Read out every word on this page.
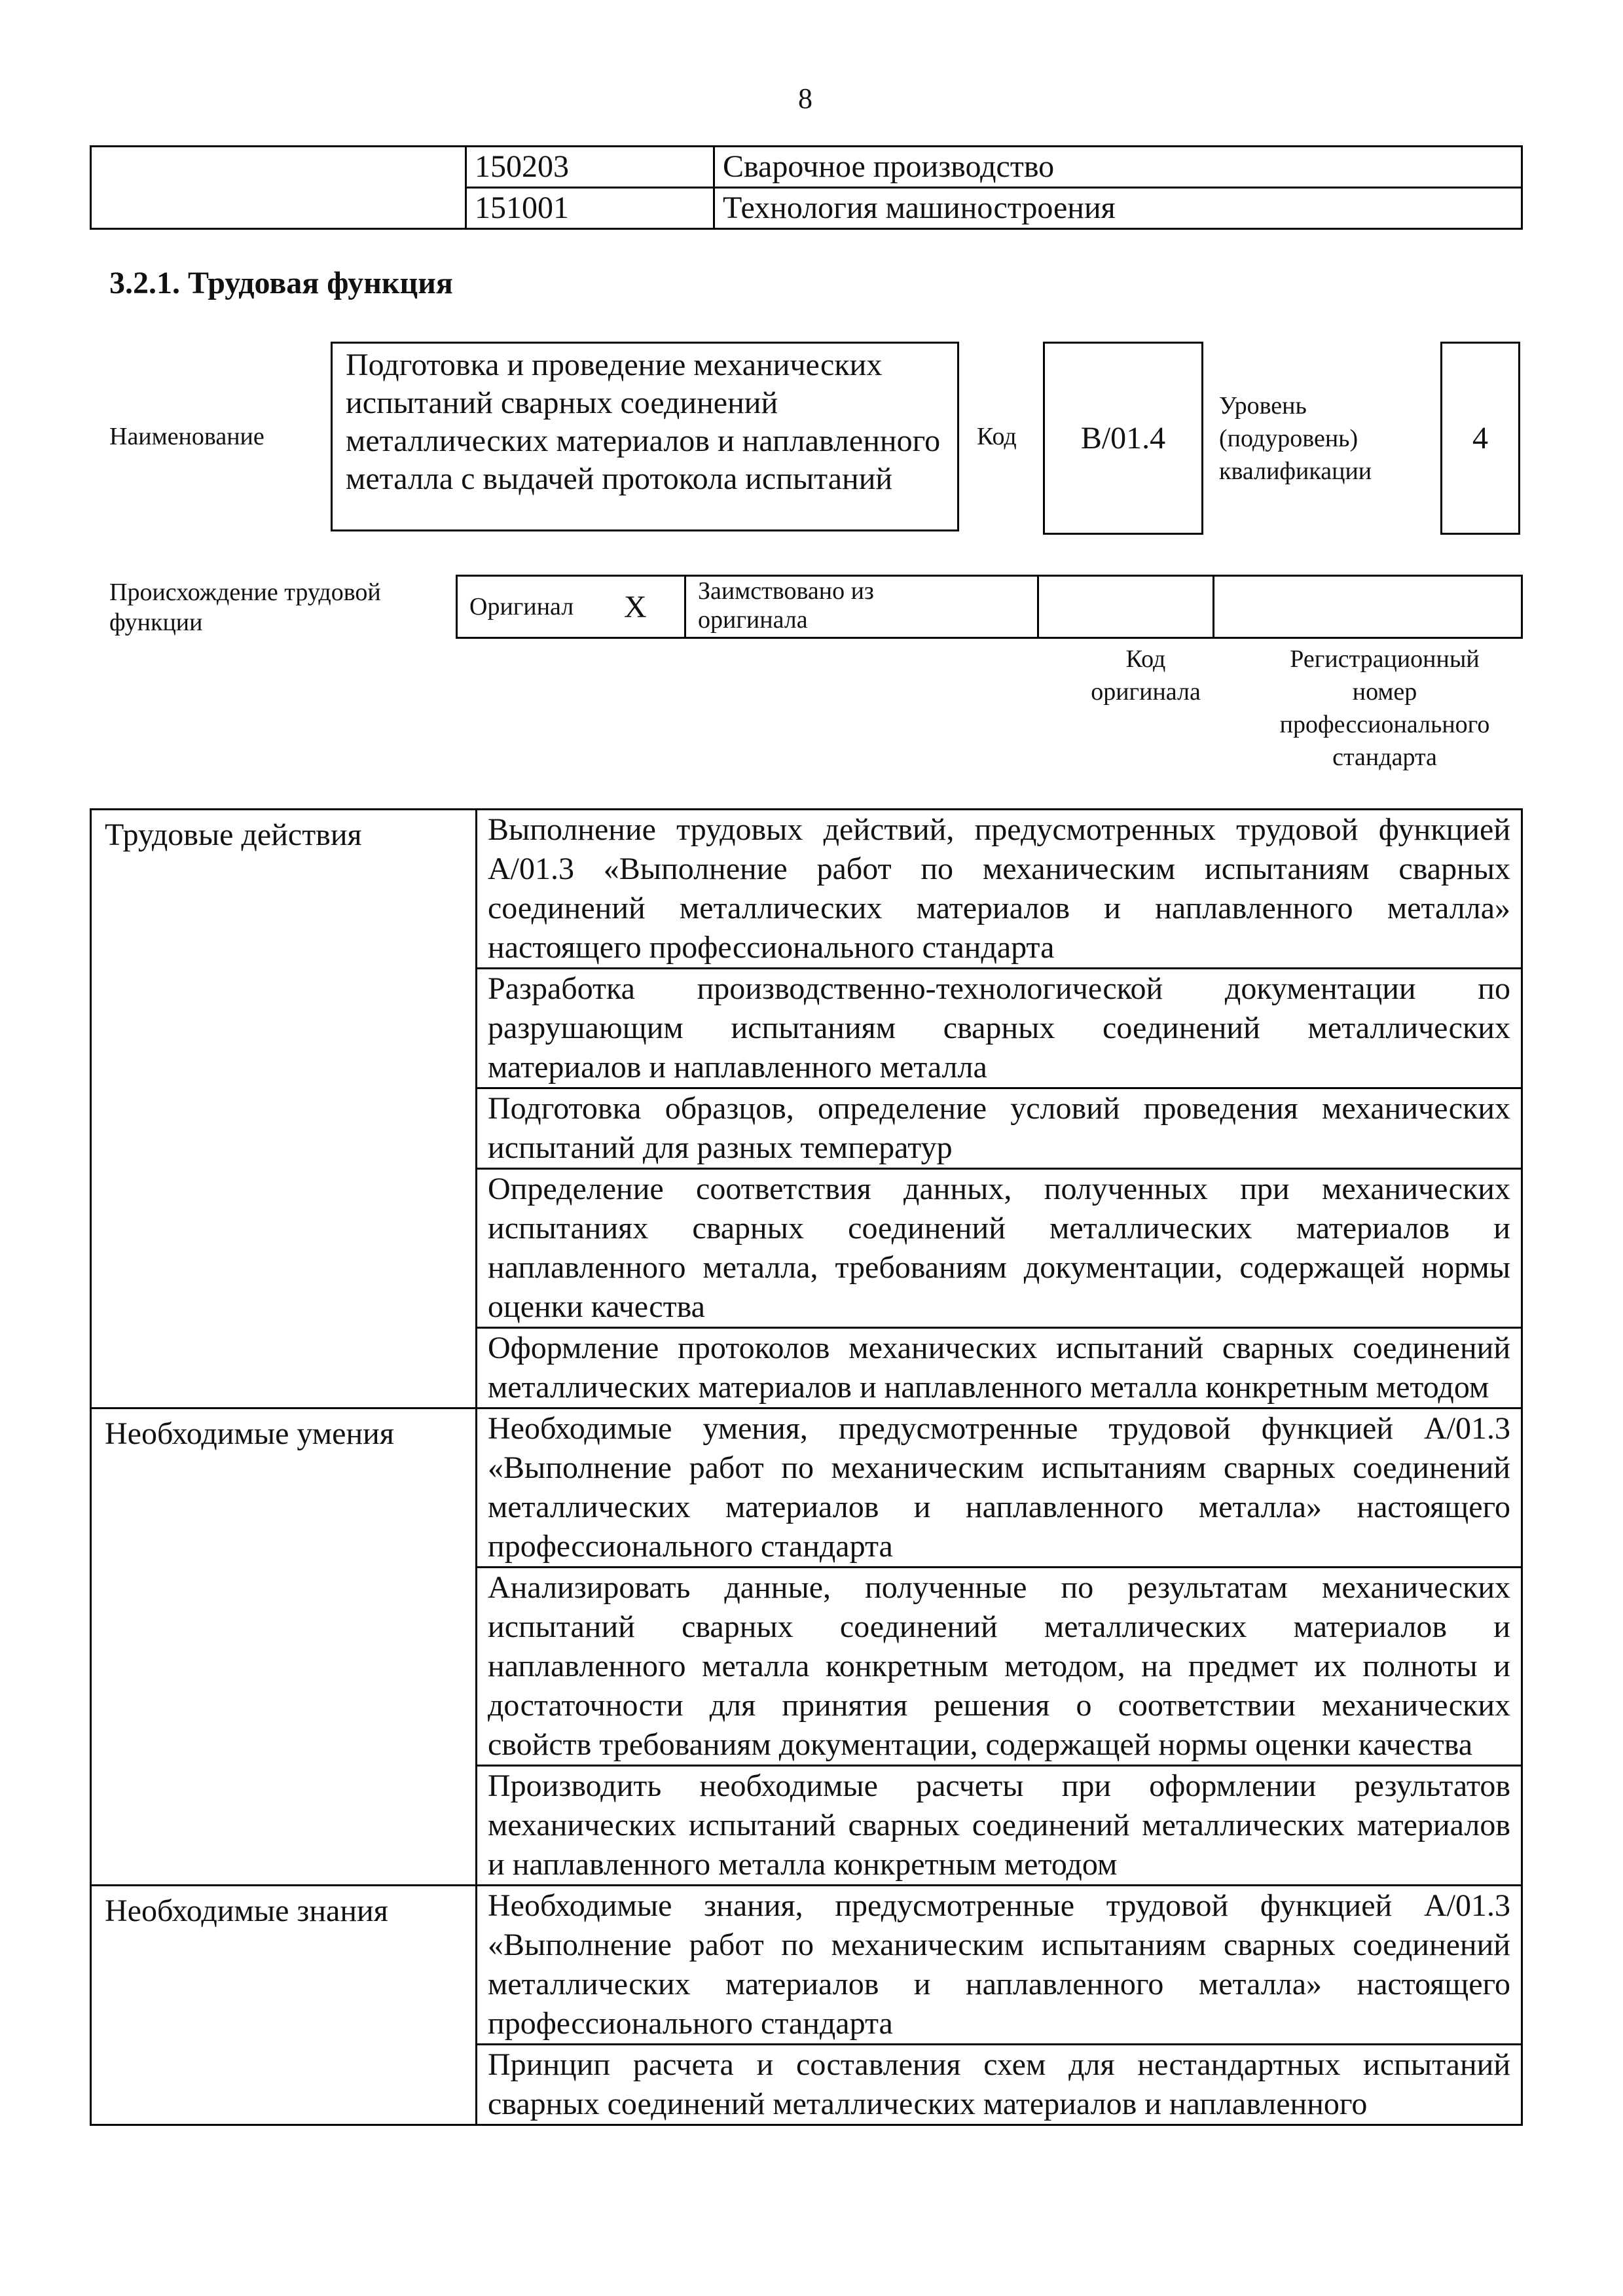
8
	150203	Сварочное производство
	151001	Технология машиностроения
3.2.1. Трудовая функция
Наименование
Подготовка и проведение механических испытаний сварных соединений металлических материалов и наплавленного металла с выдачей протокола испытаний
Код	B/01.4
Уровень
(подуровень)
квалификации
4
Происхождение трудовой
функции
Оригинал	X	Заимствовано из
оригинала

Код
оригинала
Регистрационный
номер
профессионального
стандарта
Трудовые действия	Выполнение трудовых действий, предусмотренных трудовой функцией A/01.3 «Выполнение работ по механическим испытаниям сварных соединений металлических материалов и наплавленного металла» настоящего профессионального стандарта
	Разработка производственно-технологической документации по разрушающим испытаниям сварных соединений металлических материалов и наплавленного металла
	Подготовка образцов, определение условий проведения механических испытаний для разных температур
	Определение соответствия данных, полученных при механических испытаниях сварных соединений металлических материалов и наплавленного металла, требованиям документации, содержащей нормы оценки качества
	Оформление протоколов механических испытаний сварных соединений металлических материалов и наплавленного металла конкретным методом
Необходимые умения	Необходимые умения, предусмотренные трудовой функцией A/01.3 «Выполнение работ по механическим испытаниям сварных соединений металлических материалов и наплавленного металла» настоящего профессионального стандарта
	Анализировать данные, полученные по результатам механических испытаний сварных соединений металлических материалов и наплавленного металла конкретным методом, на предмет их полноты и достаточности для принятия решения о соответствии механических свойств требованиям документации, содержащей нормы оценки качества
	Производить необходимые расчеты при оформлении результатов механических испытаний сварных соединений металлических материалов и наплавленного металла конкретным методом
Необходимые знания	Необходимые знания, предусмотренные трудовой функцией A/01.3 «Выполнение работ по механическим испытаниям сварных соединений металлических материалов и наплавленного металла» настоящего профессионального стандарта
	Принцип расчета и составления схем для нестандартных испытаний сварных соединений металлических материалов и наплавленного
